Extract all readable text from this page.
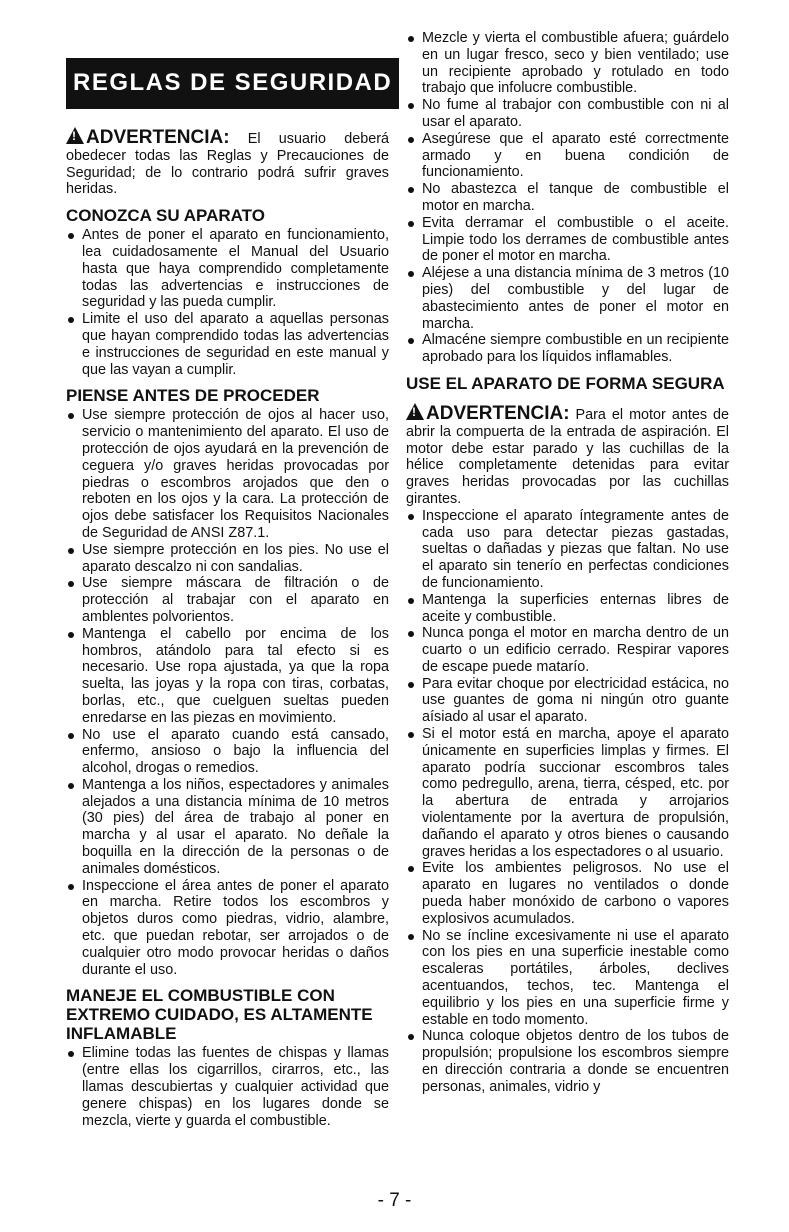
REGLAS DE SEGURIDAD

!ADVERTENCIA: El usuario deberá obedecer todas las Reglas y Precauciones de Seguridad; de lo contrario podrá sufrir graves heridas.

CONOZCA SU APARATO
Antes de poner el aparato en funcionamiento, lea cuidadosamente el Manual del Usuario hasta que haya comprendido completamente todas las advertencias e instrucciones de seguridad y las pueda cumplir.
Limite el uso del aparato a aquellas personas que hayan comprendido todas las advertencias e instrucciones de seguridad en este manual y que las vayan a cumplir.
PIENSE ANTES DE PROCEDER
Use siempre protección de ojos al hacer uso, servicio o mantenimiento del aparato. El uso de protección de ojos ayudará en la prevención de ceguera y/o graves heridas provocadas por piedras o escombros arojados que den o reboten en los ojos y la cara. La protección de ojos debe satisfacer los Requisitos Nacionales de Seguridad de ANSI Z87.1.
Use siempre protección en los pies. No use el aparato descalzo ni con sandalias.
Use siempre máscara de filtración o de protección al trabajar con el aparato en amblentes polvorientos.
Mantenga el cabello por encima de los hombros, atándolo para tal efecto si es necesario. Use ropa ajustada, ya que la ropa suelta, las joyas y la ropa con tiras, corbatas, borlas, etc., que cuelguen sueltas pueden enredarse en las piezas en movimiento.
No use el aparato cuando está cansado, enfermo, ansioso o bajo la influencia del alcohol, drogas o remedios.
Mantenga a los niños, espectadores y animales alejados a una distancia mínima de 10 metros (30 pies) del área de trabajo al poner en marcha y al usar el aparato. No deñale la boquilla en la dirección de la personas o de animales domésticos.
Inspeccione el área antes de poner el aparato en marcha. Retire todos los escombros y objetos duros como piedras, vidrio, alambre, etc. que puedan rebotar, ser arrojados o de cualquier otro modo provocar heridas o daños durante el uso.
MANEJE EL COMBUSTIBLE CON EXTREMO CUIDADO, ES ALTAMENTE INFLAMABLE
Elimine todas las fuentes de chispas y llamas (entre ellas los cigarrillos, cirarros, etc., las llamas descubiertas y cualquier actividad que genere chispas) en los lugares donde se mezcla, vierte y guarda el combustible.
Mezcle y vierta el combustible afuera; guárdelo en un lugar fresco, seco y bien ventilado; use un recipiente aprobado y rotulado en todo trabajo que infolucre combustible.
No fume al trabajor con combustible con ni al usar el aparato.
Asegúrese que el aparato esté correctmente armado y en buena condición de funcionamiento.
No abastezca el tanque de combustible el motor en marcha.
Evita derramar el combustible o el aceite. Limpie todo los derrames de combustible antes de poner el motor en marcha.
Aléjese a una distancia mínima de 3 metros (10 pies) del combustible y del lugar de abastecimiento antes de poner el motor en marcha.
Almacéne siempre combustible en un recipiente aprobado para los líquidos inflamables.
USE EL APARATO DE FORMA SEGURA

!ADVERTENCIA: Para el motor antes de abrir la compuerta de la entrada de aspiración. El motor debe estar parado y las cuchillas de la hélice completamente detenidas para evitar graves heridas provocadas por las cuchillas girantes.

Inspeccione el aparato íntegramente antes de cada uso para detectar piezas gastadas, sueltas o dañadas y piezas que faltan. No use el aparato sin tenerío en perfectas condiciones de funcionamiento.
Mantenga la superficies enternas libres de aceite y combustible.
Nunca ponga el motor en marcha dentro de un cuarto o un edificio cerrado. Respirar vapores de escape puede matarío.
Para evitar choque por electricidad estácica, no use guantes de goma ni ningún otro guante aísiado al usar el aparato.
Si el motor está en marcha, apoye el aparato únicamente en superficies limplas y firmes. El aparato podría succionar escombros tales como pedregullo, arena, tierra, césped, etc. por la abertura de entrada y arrojarios violentamente por la avertura de propulsión, dañando el aparato y otros bienes o causando graves heridas a los espectadores o al usuario.
Evite los ambientes peligrosos. No use el aparato en lugares no ventilados o donde pueda haber monóxido de carbono o vapores explosivos acumulados.
No se íncline excesivamente ni use el aparato con los pies en una superficie inestable como escaleras portátiles, árboles, declives acentuandos, techos, tec. Mantenga el equilibrio y los pies en una superficie firme y estable en todo momento.
Nunca coloque objetos dentro de los tubos de propulsión; propulsione los escombros siempre en dirección contraria a donde se encuentren personas, animales, vidrio y
- 7 -
